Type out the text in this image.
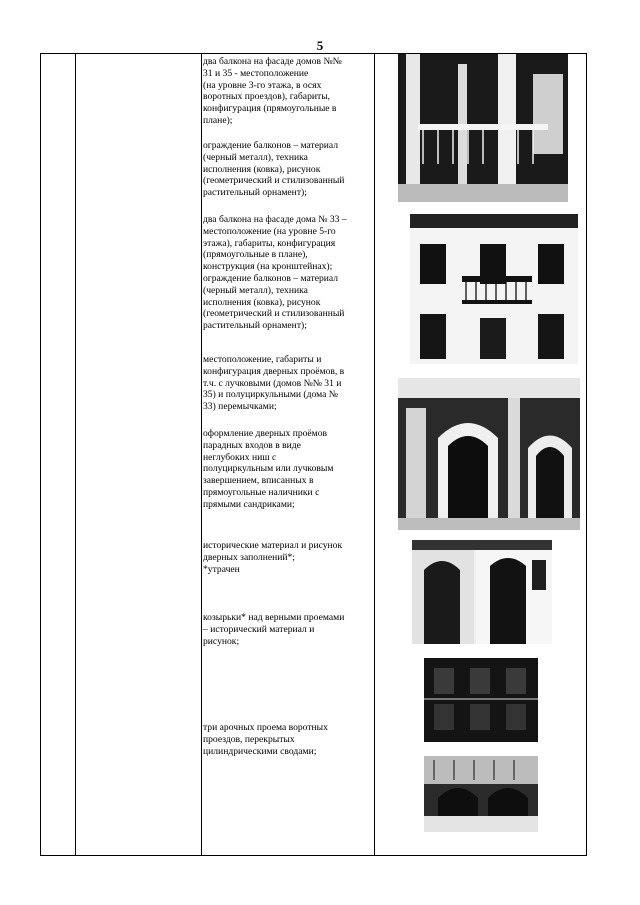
5
два балкона на фасаде домов №№
31 и 35 - местоположение
(на уровне 3-го этажа, в осях
воротных проездов), габариты,
конфигурация (прямоугольные в
плане);
ограждение балконов – материал
(черный металл), техника
исполнения (ковка), рисунок
(геометрический и стилизованный
растительный орнамент);
два балкона на фасаде дома № 33 –
местоположение (на уровне 5-го
этажа), габариты, конфигурация
(прямоугольные в плане),
конструкция (на кронштейнах);
ограждение балконов – материал
(черный металл), техника
исполнения (ковка), рисунок
(геометрический и стилизованный
растительный орнамент);
местоположение, габариты и
конфигурация дверных проёмов, в
т.ч. с лучковыми (домов №№ 31 и
35) и полуциркульными (дома №
33) перемычками;
оформление дверных проёмов
парадных входов в виде
неглубоких ниш с
полуциркульным или лучковым
завершением, вписанных в
прямоугольные наличники с
прямыми сандриками;
исторические материал и рисунок
дверных заполнений*;
*утрачен
козырьки* над верными проемами
– исторический материал и
рисунок;
три арочных проема воротных
проездов, перекрытых
цилиндрическими сводами;
